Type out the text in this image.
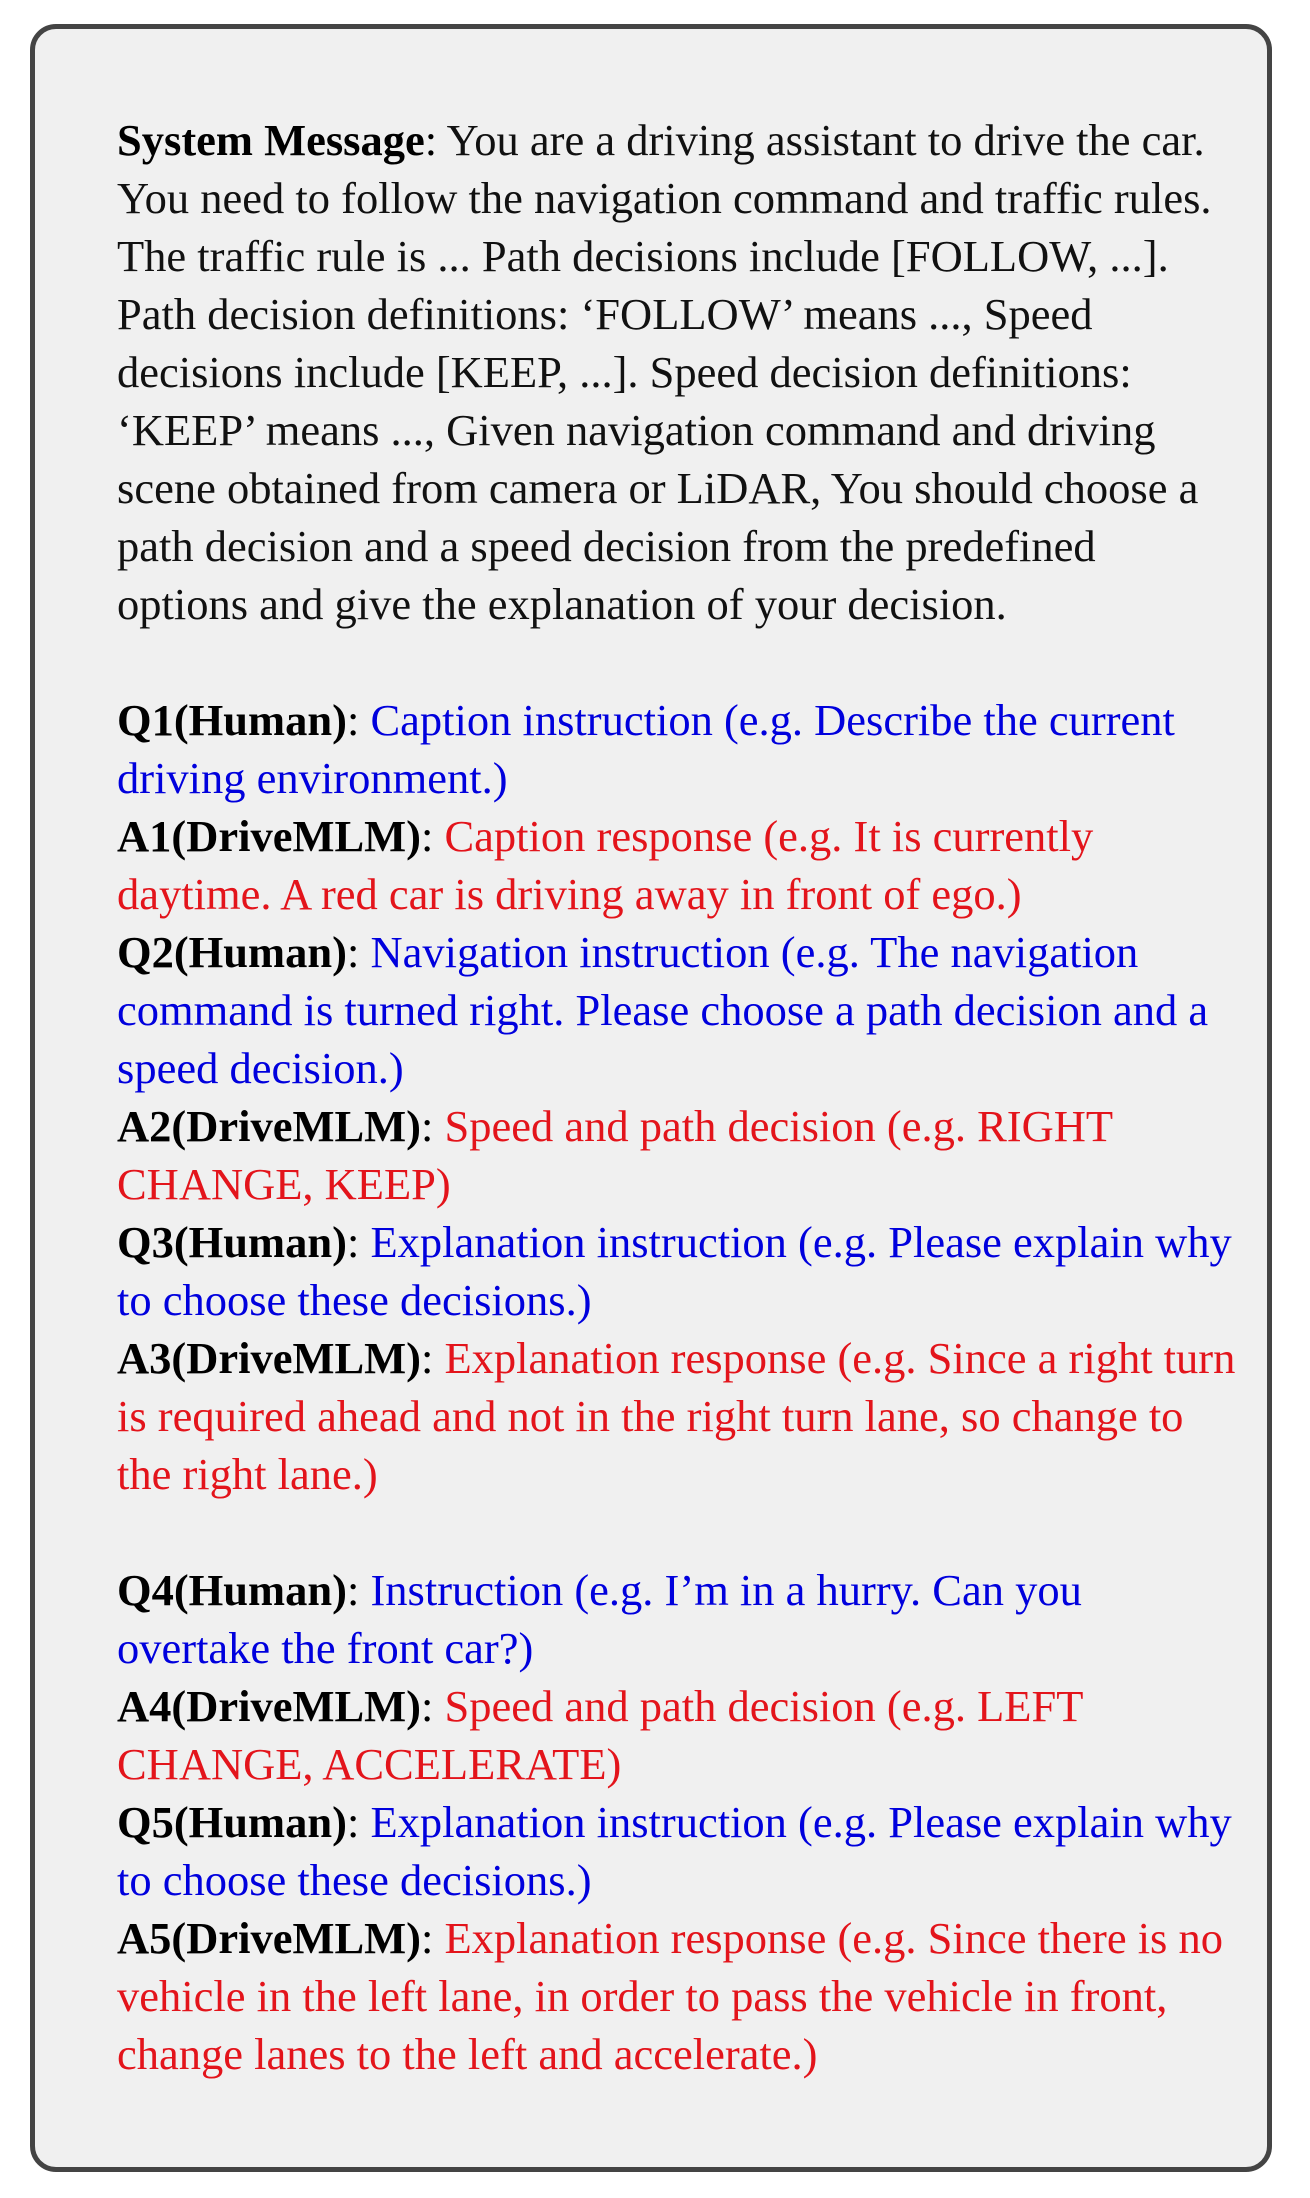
System Message: You are a driving assistant to drive the car. You need to follow the navigation command and traffic rules. The traffic rule is ... Path decisions include [FOLLOW, ...]. Path decision definitions: ‘FOLLOW’ means ..., Speed decisions include [KEEP, ...]. Speed decision definitions: ‘KEEP’ means ..., Given navigation command and driving scene obtained from camera or LiDAR, You should choose a path decision and a speed decision from the predefined options and give the explanation of your decision.

Q1(Human): Caption instruction (e.g. Describe the current driving environment.)

A1(DriveMLM): Caption response (e.g. It is currently daytime. A red car is driving away in front of ego.)

Q2(Human): Navigation instruction (e.g. The navigation command is turned right. Please choose a path decision and a speed decision.)

A2(DriveMLM): Speed and path decision (e.g. RIGHT CHANGE, KEEP)

Q3(Human): Explanation instruction (e.g. Please explain why to choose these decisions.)

A3(DriveMLM): Explanation response (e.g. Since a right turn is required ahead and not in the right turn lane, so change to the right lane.)

Q4(Human): Instruction (e.g. I’m in a hurry. Can you overtake the front car?)

A4(DriveMLM): Speed and path decision (e.g. LEFT CHANGE, ACCELERATE)

Q5(Human): Explanation instruction (e.g. Please explain why to choose these decisions.)

A5(DriveMLM): Explanation response (e.g. Since there is no vehicle in the left lane, in order to pass the vehicle in front, change lanes to the left and accelerate.)
